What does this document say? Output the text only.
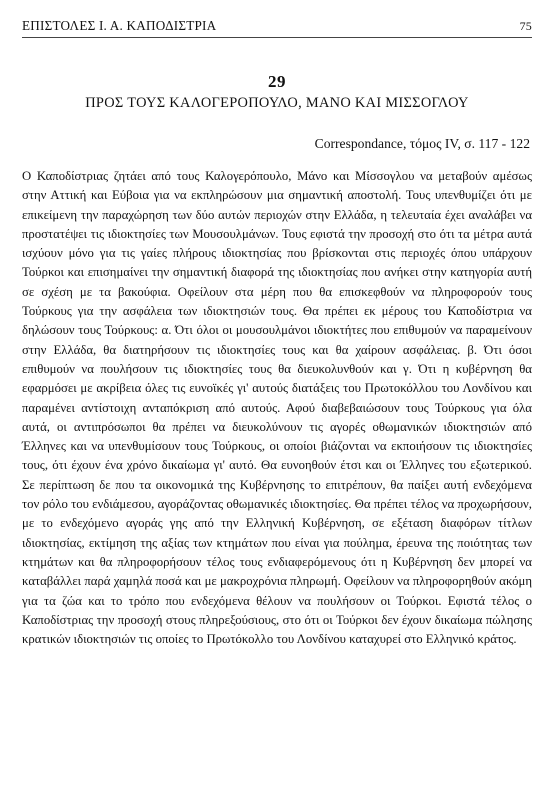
ΕΠΙΣΤΟΛΕΣ Ι. Α. ΚΑΠΟΔΙΣΤΡΙΑ	75
29
ΠΡΟΣ ΤΟΥΣ ΚΑΛΟΓΕΡΟΠΟΥΛΟ, ΜΑΝΟ ΚΑΙ ΜΙΣΣΟΓΛΟΥ
Correspondance, τόμος IV, σ. 117 - 122

Ο Καποδίστριας ζητάει από τους Καλογερόπουλο, Μάνο και Μίσσογλου να μεταβούν αμέσως στην Αττική και Εύβοια για να εκπληρώσουν μια σημαντική αποστολή. Τους υπενθυμίζει ότι με επικείμενη την παραχώρηση των δύο αυτών περιοχών στην Ελλάδα, η τελευταία έχει αναλάβει να προστατέψει τις ιδιοκτησίες των Μουσουλμάνων. Τους εφιστά την προσοχή στο ότι τα μέτρα αυτά ισχύουν μόνο για τις γαίες πλήρους ιδιοκτησίας που βρίσκονται στις περιοχές όπου υπάρχουν Τούρκοι και επισημαίνει την σημαντική διαφορά της ιδιοκτησίας που ανήκει στην κατηγορία αυτή σε σχέση με τα βακούφια. Οφείλουν στα μέρη που θα επισκεφθούν να πληροφορούν τους Τούρκους για την ασφάλεια των ιδιοκτησιών τους. Θα πρέπει εκ μέρους του Καποδίστρια να δηλώσουν τους Τούρκους: α. Ότι όλοι οι μουσουλμάνοι ιδιοκτήτες που επιθυμούν να παραμείνουν στην Ελλάδα, θα διατηρήσουν τις ιδιοκτησίες τους και θα χαίρουν ασφάλειας. β. Ότι όσοι επιθυμούν να πουλήσουν τις ιδιοκτησίες τους θα διευκολυνθούν και γ. Ότι η κυβέρνηση θα εφαρμόσει με ακρίβεια όλες τις ευνοϊκές γι' αυτούς διατάξεις του Πρωτοκόλλου του Λονδίνου και παραμένει αντίστοιχη ανταπόκριση από αυτούς. Αφού διαβεβαιώσουν τους Τούρκους για όλα αυτά, οι αντιπρόσωποι θα πρέπει να διευκολύνουν τις αγορές οθωμανικών ιδιοκτησιών από Έλληνες και να υπενθυμίσουν τους Τούρκους, οι οποίοι βιάζονται να εκποιήσουν τις ιδιοκτησίες τους, ότι έχουν ένα χρόνο δικαίωμα γι' αυτό. Θα ευνοηθούν έτσι και οι Έλληνες του εξωτερικού. Σε περίπτωση δε που τα οικονομικά της Κυβέρνησης το επιτρέπουν, θα παίξει αυτή ενδεχόμενα τον ρόλο του ενδιάμεσου, αγοράζοντας οθωμανικές ιδιοκτησίες. Θα πρέπει τέλος να προχωρήσουν, με το ενδεχόμενο αγοράς γης από την Ελληνική Κυβέρνηση, σε εξέταση διαφόρων τίτλων ιδιοκτησίας, εκτίμηση της αξίας των κτημάτων που είναι για πούλημα, έρευνα της ποιότητας των κτημάτων και θα πληροφορήσουν τέλος τους ενδιαφερόμενους ότι η Κυβέρνηση δεν μπορεί να καταβάλλει παρά χαμηλά ποσά και με μακροχρόνια πληρωμή. Οφείλουν να πληροφορηθούν ακόμη για τα ζώα και το τρόπο που ενδεχόμενα θέλουν να πουλήσουν οι Τούρκοι. Εφιστά τέλος ο Καποδίστριας την προσοχή στους πληρεξούσιους, στο ότι οι Τούρκοι δεν έχουν δικαίωμα πώλησης κρατικών ιδιοκτησιών τις οποίες το Πρωτόκολλο του Λονδίνου καταχυρεί στο Ελληνικό κράτος.
